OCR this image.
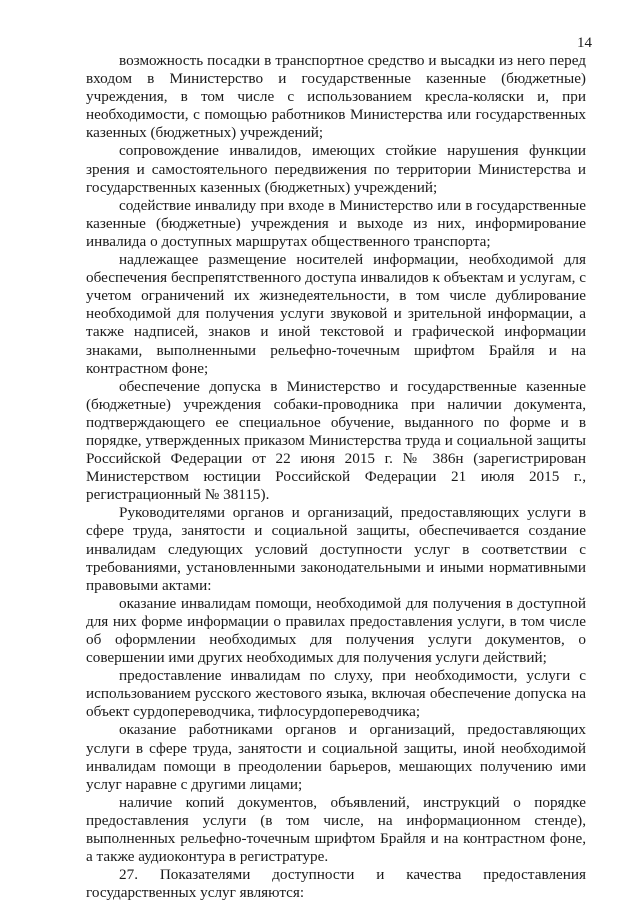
14

возможность посадки в транспортное средство и высадки из него перед входом в Министерство и государственные казенные (бюджетные) учреждения, в том числе с использованием кресла-коляски и, при необходимости, с помощью работников Министерства или государственных казенных (бюджетных) учреждений;

сопровождение инвалидов, имеющих стойкие нарушения функции зрения и самостоятельного передвижения по территории Министерства и государственных казенных (бюджетных) учреждений;

содействие инвалиду при входе в Министерство или в государственные казенные (бюджетные) учреждения и выходе из них, информирование инвалида о доступных маршрутах общественного транспорта;

надлежащее размещение носителей информации, необходимой для обеспечения беспрепятственного доступа инвалидов к объектам и услугам, с учетом ограничений их жизнедеятельности, в том числе дублирование необходимой для получения услуги звуковой и зрительной информации, а также надписей, знаков и иной текстовой и графической информации знаками, выполненными рельефно-точечным шрифтом Брайля и на контрастном фоне;

обеспечение допуска в Министерство и государственные казенные (бюджетные) учреждения собаки-проводника при наличии документа, подтверждающего ее специальное обучение, выданного по форме и в порядке, утвержденных приказом Министерства труда и социальной защиты Российской Федерации от 22 июня 2015 г. № 386н (зарегистрирован Министерством юстиции Российской Федерации 21 июля 2015 г., регистрационный № 38115).

Руководителями органов и организаций, предоставляющих услуги в сфере труда, занятости и социальной защиты, обеспечивается создание инвалидам следующих условий доступности услуг в соответствии с требованиями, установленными законодательными и иными нормативными правовыми актами:

оказание инвалидам помощи, необходимой для получения в доступной для них форме информации о правилах предоставления услуги, в том числе об оформлении необходимых для получения услуги документов, о совершении ими других необходимых для получения услуги действий;

предоставление инвалидам по слуху, при необходимости, услуги с использованием русского жестового языка, включая обеспечение допуска на объект сурдопереводчика, тифлосурдопереводчика;

оказание работниками органов и организаций, предоставляющих услуги в сфере труда, занятости и социальной защиты, иной необходимой инвалидам помощи в преодолении барьеров, мешающих получению ими услуг наравне с другими лицами;

наличие копий документов, объявлений, инструкций о порядке предоставления услуги (в том числе, на информационном стенде), выполненных рельефно-точечным шрифтом Брайля и на контрастном фоне, а также аудиоконтура в регистратуре.

27. Показателями доступности и качества предоставления государственных услуг являются:
